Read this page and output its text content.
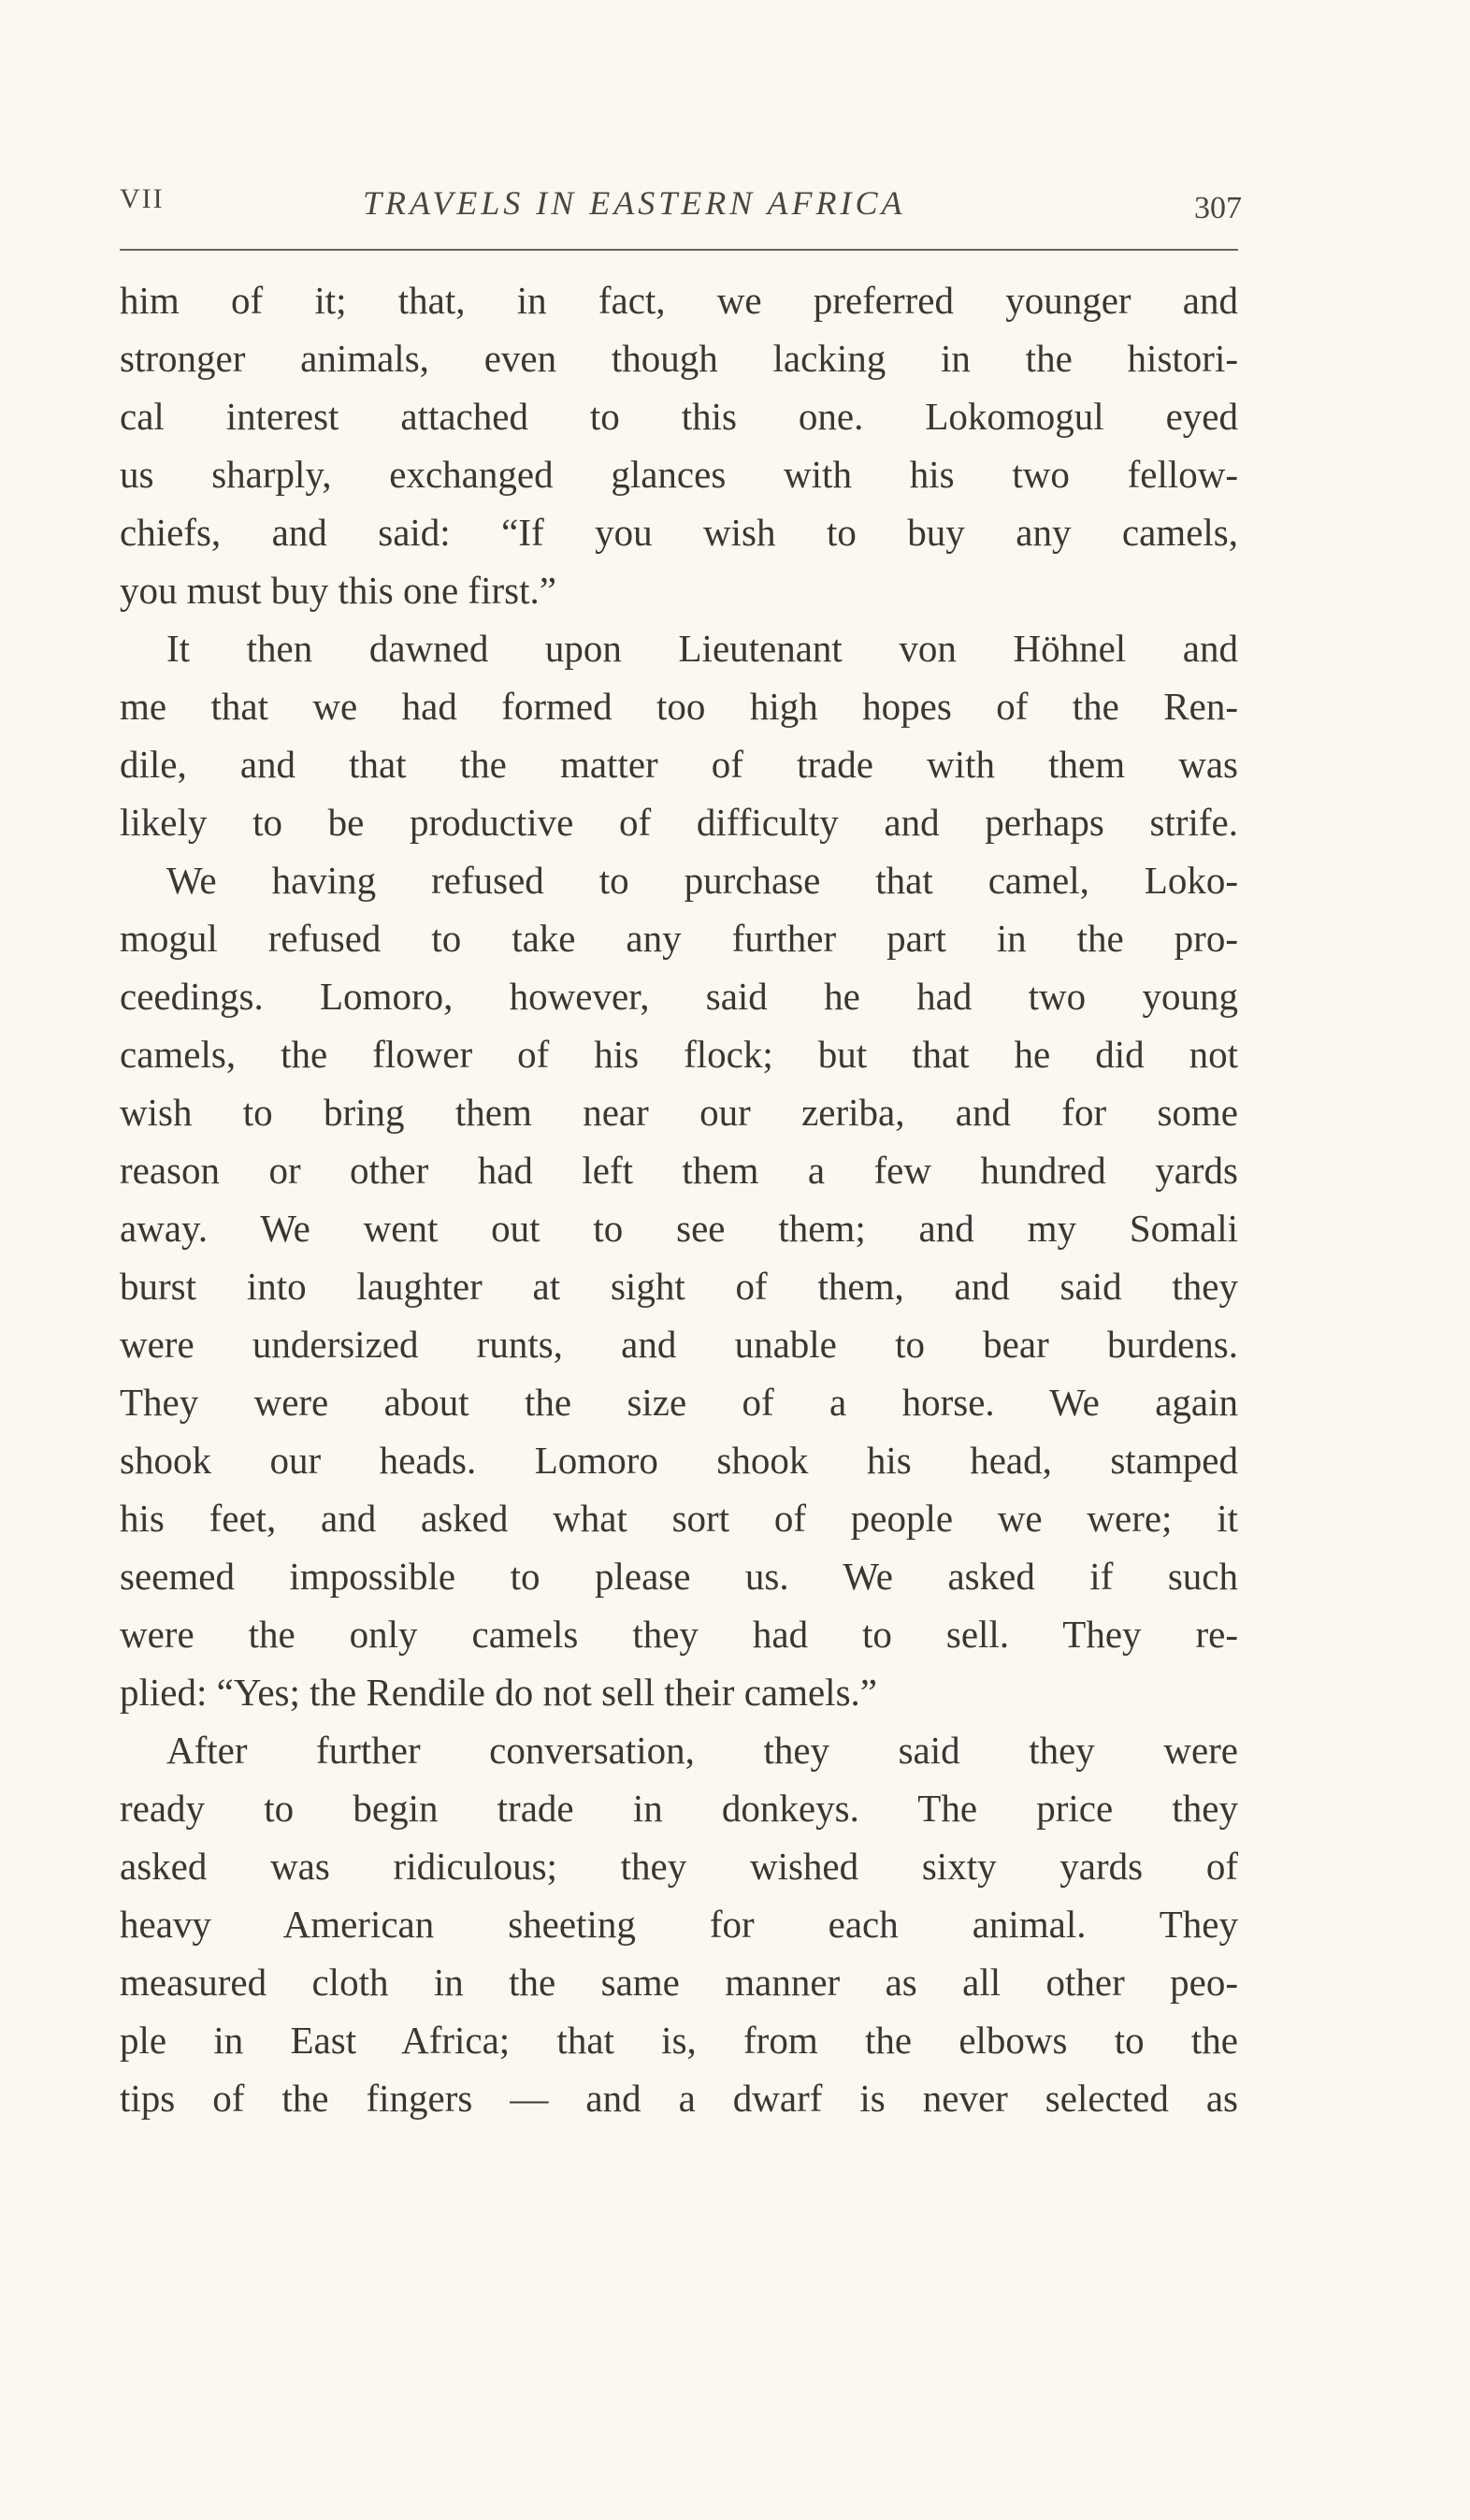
VII	TRAVELS IN EASTERN AFRICA	307
him of it; that, in fact, we preferred younger and
stronger animals, even though lacking in the histori-
cal interest attached to this one. Lokomogul eyed
us sharply, exchanged glances with his two fellow-
chiefs, and said: “If you wish to buy any camels,
you must buy this one first.”
It then dawned upon Lieutenant von Höhnel and
me that we had formed too high hopes of the Ren-
dile, and that the matter of trade with them was
likely to be productive of difficulty and perhaps strife.
We having refused to purchase that camel, Loko-
mogul refused to take any further part in the pro-
ceedings. Lomoro, however, said he had two young
camels, the flower of his flock; but that he did not
wish to bring them near our zeriba, and for some
reason or other had left them a few hundred yards
away. We went out to see them; and my Somali
burst into laughter at sight of them, and said they
were undersized runts, and unable to bear burdens.
They were about the size of a horse. We again
shook our heads. Lomoro shook his head, stamped
his feet, and asked what sort of people we were; it
seemed impossible to please us. We asked if such
were the only camels they had to sell. They re-
plied: “Yes; the Rendile do not sell their camels.”
After further conversation, they said they were
ready to begin trade in donkeys. The price they
asked was ridiculous; they wished sixty yards of
heavy American sheeting for each animal. They
measured cloth in the same manner as all other peo-
ple in East Africa; that is, from the elbows to the
tips of the fingers — and a dwarf is never selected as
